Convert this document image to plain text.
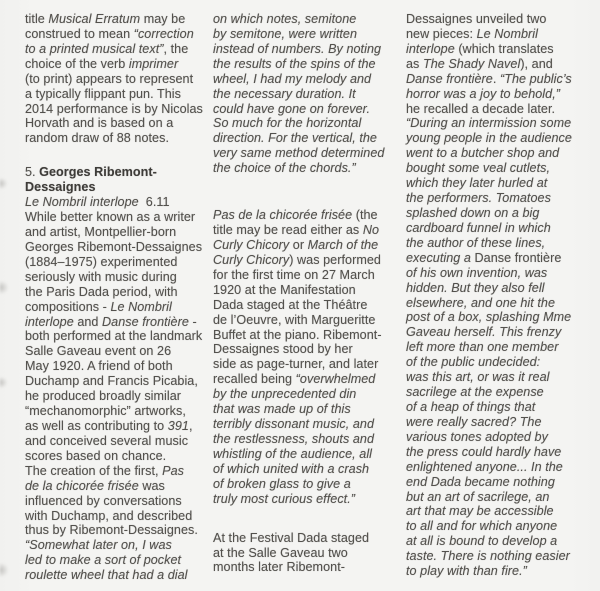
title Musical Erratum may be
construed to mean “correction
to a printed musical text”, the
choice of the verb imprimer
(to print) appears to represent
a typically flippant pun. This
2014 performance is by Nicolas
Horvath and is based on a
random draw of 88 notes.
5. Georges Ribemont-
Dessaignes
Le Nombril interlope  6.11
While better known as a writer
and artist, Montpellier-born
Georges Ribemont-Dessaignes
(1884–1975) experimented
seriously with music during
the Paris Dada period, with
compositions - Le Nombril
interlope and Danse frontière -
both performed at the landmark
Salle Gaveau event on 26
May 1920. A friend of both
Duchamp and Francis Picabia,
he produced broadly similar
“mechanomorphic” artworks,
as well as contributing to 391,
and conceived several music
scores based on chance.
The creation of the first, Pas
de la chicorée frisée was
influenced by conversations
with Duchamp, and described
thus by Ribemont-Dessaignes.
“Somewhat later on, I was
led to make a sort of pocket
roulette wheel that had a dial
on which notes, semitone
by semitone, were written
instead of numbers. By noting
the results of the spins of the
wheel, I had my melody and
the necessary duration. It
could have gone on forever.
So much for the horizontal
direction. For the vertical, the
very same method determined
the choice of the chords.”
Pas de la chicorée frisée (the
title may be read either as No
Curly Chicory or March of the
Curly Chicory) was performed
for the first time on 27 March
1920 at the Manifestation
Dada staged at the Théâtre
de l’Oeuvre, with Margueritte
Buffet at the piano. Ribemont-
Dessaignes stood by her
side as page-turner, and later
recalled being “overwhelmed
by the unprecedented din
that was made up of this
terribly dissonant music, and
the restlessness, shouts and
whistling of the audience, all
of which united with a crash
of broken glass to give a
truly most curious effect.”
At the Festival Dada staged
at the Salle Gaveau two
months later Ribemont-
Dessaignes unveiled two
new pieces: Le Nombril
interlope (which translates
as The Shady Navel), and
Danse frontière. “The public’s
horror was a joy to behold,”
he recalled a decade later.
“During an intermission some
young people in the audience
went to a butcher shop and
bought some veal cutlets,
which they later hurled at
the performers. Tomatoes
splashed down on a big
cardboard funnel in which
the author of these lines,
executing a Danse frontière
of his own invention, was
hidden. But they also fell
elsewhere, and one hit the
post of a box, splashing Mme
Gaveau herself. This frenzy
left more than one member
of the public undecided:
was this art, or was it real
sacrilege at the expense
of a heap of things that
were really sacred? The
various tones adopted by
the press could hardly have
enlightened anyone... In the
end Dada became nothing
but an art of sacrilege, an
art that may be accessible
to all and for which anyone
at all is bound to develop a
taste. There is nothing easier
to play with than fire.”
